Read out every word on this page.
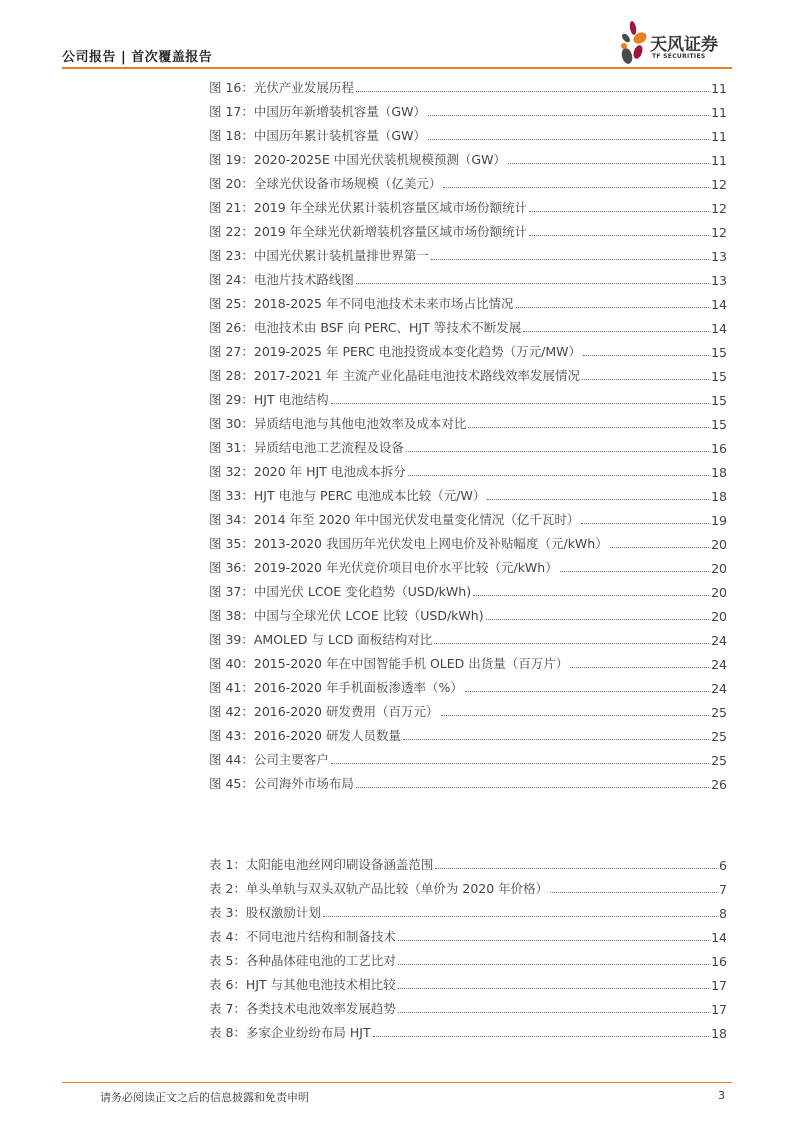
公司报告 | 首次覆盖报告
天风证券
TF SECURITIES
图 16：光伏产业发展历程	11
图 17：中国历年新增装机容量（GW）	11
图 18：中国历年累计装机容量（GW）	11
图 19：2020-2025E 中国光伏装机规模预测（GW）	11
图 20：全球光伏设备市场规模（亿美元）	12
图 21：2019 年全球光伏累计装机容量区域市场份额统计	12
图 22：2019 年全球光伏新增装机容量区域市场份额统计	12
图 23：中国光伏累计装机量排世界第一	13
图 24：电池片技术路线图	13
图 25：2018-2025 年不同电池技术未来市场占比情况	14
图 26：电池技术由 BSF 向 PERC、HJT 等技术不断发展	14
图 27：2019-2025 年 PERC 电池投资成本变化趋势（万元/MW）	15
图 28：2017-2021 年 主流产业化晶硅电池技术路线效率发展情况	15
图 29：HJT 电池结构	15
图 30：异质结电池与其他电池效率及成本对比	15
图 31：异质结电池工艺流程及设备	16
图 32：2020 年 HJT 电池成本拆分	18
图 33：HJT 电池与 PERC 电池成本比较（元/W）	18
图 34：2014 年至 2020 年中国光伏发电量变化情况（亿千瓦时）	19
图 35：2013-2020 我国历年光伏发电上网电价及补贴幅度（元/kWh）	20
图 36：2019-2020 年光伏竞价项目电价水平比较（元/kWh）	20
图 37：中国光伏 LCOE 变化趋势（USD/kWh)	20
图 38：中国与全球光伏 LCOE 比较（USD/kWh)	20
图 39：AMOLED 与 LCD 面板结构对比	24
图 40：2015-2020 年在中国智能手机 OLED 出货量（百万片）	24
图 41：2016-2020 年手机面板渗透率（%）	24
图 42：2016-2020 研发费用（百万元）	25
图 43：2016-2020 研发人员数量	25
图 44：公司主要客户	25
图 45：公司海外市场布局	26
表 1：太阳能电池丝网印刷设备涵盖范围	6
表 2：单头单轨与双头双轨产品比较（单价为 2020 年价格）	7
表 3：股权激励计划	8
表 4：不同电池片结构和制备技术	14
表 5：各种晶体硅电池的工艺比对	16
表 6：HJT 与其他电池技术相比较	17
表 7：各类技术电池效率发展趋势	17
表 8：多家企业纷纷布局 HJT	18
请务必阅读正文之后的信息披露和免责申明	3
